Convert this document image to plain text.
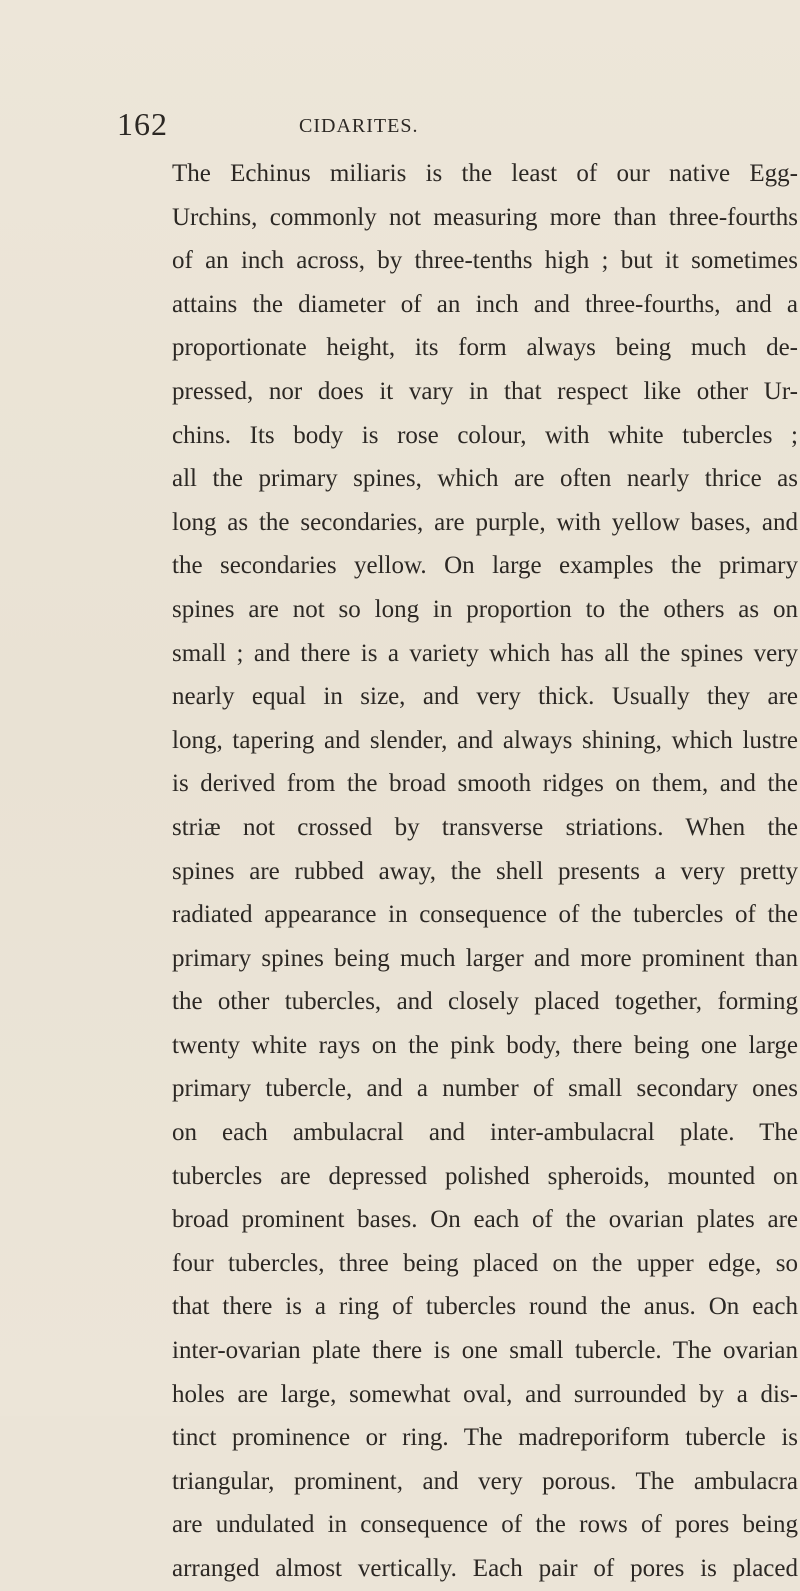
162	CIDARITES.
The Echinus miliaris is the least of our native Egg-
Urchins, commonly not measuring more than three-fourths
of an inch across, by three-tenths high ; but it sometimes
attains the diameter of an inch and three-fourths, and a
proportionate height, its form always being much de-
pressed, nor does it vary in that respect like other Ur-
chins. Its body is rose colour, with white tubercles ;
all the primary spines, which are often nearly thrice as
long as the secondaries, are purple, with yellow bases, and
the secondaries yellow. On large examples the primary
spines are not so long in proportion to the others as on
small ; and there is a variety which has all the spines very
nearly equal in size, and very thick. Usually they are
long, tapering and slender, and always shining, which lustre
is derived from the broad smooth ridges on them, and the
striæ not crossed by transverse striations. When the
spines are rubbed away, the shell presents a very pretty
radiated appearance in consequence of the tubercles of the
primary spines being much larger and more prominent than
the other tubercles, and closely placed together, forming
twenty white rays on the pink body, there being one large
primary tubercle, and a number of small secondary ones
on each ambulacral and inter-ambulacral plate. The
tubercles are depressed polished spheroids, mounted on
broad prominent bases. On each of the ovarian plates are
four tubercles, three being placed on the upper edge, so
that there is a ring of tubercles round the anus. On each
inter-ovarian plate there is one small tubercle. The ovarian
holes are large, somewhat oval, and surrounded by a dis-
tinct prominence or ring. The madreporiform tubercle is
triangular, prominent, and very porous. The ambulacra
are undulated in consequence of the rows of pores being
arranged almost vertically. Each pair of pores is placed
